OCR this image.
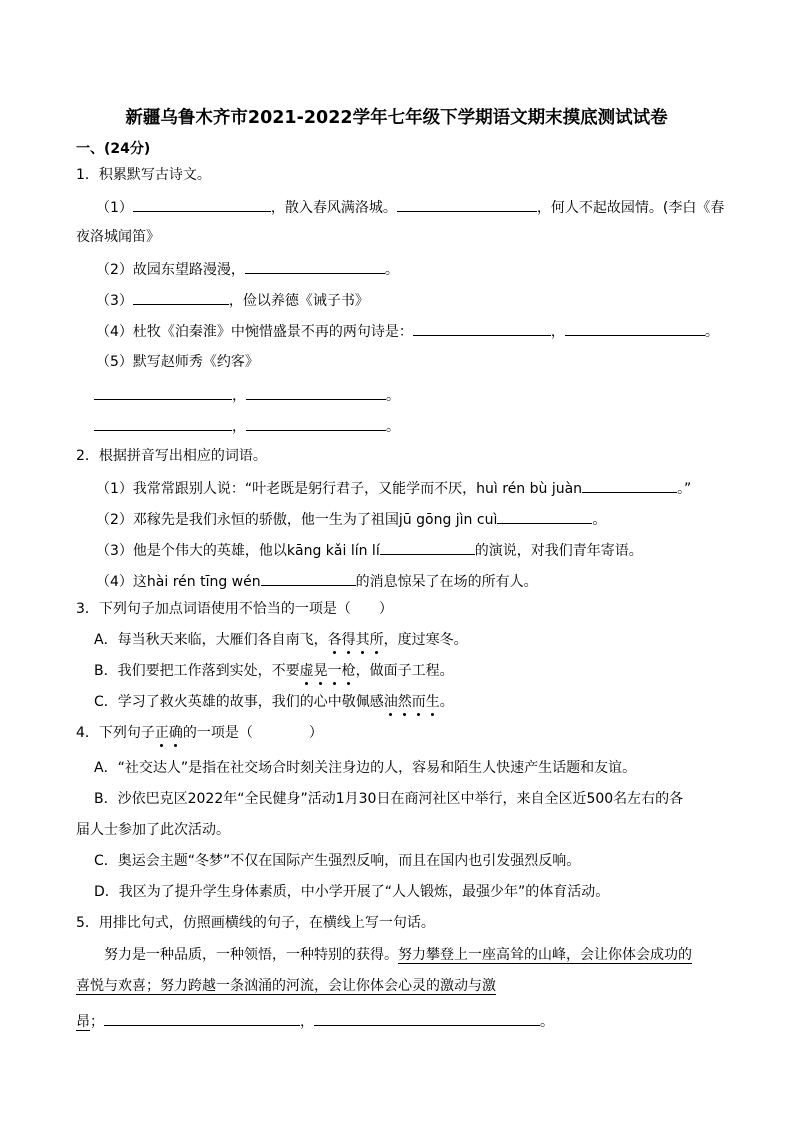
新疆乌鲁木齐市2021-2022学年七年级下学期语文期末摸底测试试卷
一、(24分)
1．积累默写古诗文。
（1）	，散入春风满洛城。	，何人不起故园情。(李白《春
夜洛城闻笛》
（2）故园东望路漫漫，	。
（3）	，俭以养德《诫子书》
（4）杜牧《泊秦淮》中惋惜盛景不再的两句诗是：	，	。
（5）默写赵师秀《约客》
，	。
，	。
2．根据拼音写出相应的词语。
（1）我常常跟别人说：“叶老既是躬行君子，又能学而不厌，huì rén bù juàn	。”
（2）邓稼先是我们永恒的骄傲，他一生为了祖国jū gōng jìn cuì	。
（3）他是个伟大的英雄，他以kāng kǎi lín lí	的演说，对我们青年寄语。
（4）这hài rén tīng wén	的消息惊呆了在场的所有人。
3．下列句子加点词语使用不恰当的一项是（　　）
A．每当秋天来临，大雁们各自南飞，各得其所，度过寒冬。
B．我们要把工作落到实处，不要虚晃一枪，做面子工程。
C．学习了救火英雄的故事，我们的心中敬佩感油然而生。
4．下列句子正确的一项是（　　　　）
A．“社交达人”是指在社交场合时刻关注身边的人，容易和陌生人快速产生话题和友谊。
B．沙依巴克区2022年“全民健身”活动1月30日在商河社区中举行，来自全区近500名左右的各
届人士参加了此次活动。
C．奥运会主题“冬梦”不仅在国际产生强烈反响，而且在国内也引发强烈反响。
D．我区为了提升学生身体素质，中小学开展了“人人锻炼，最强少年”的体育活动。
5．用排比句式，仿照画横线的句子，在横线上写一句话。
努力是一种品质，一种领悟，一种特别的获得。努力攀登上一座高耸的山峰，会让你体会成功的
喜悦与欢喜；努力跨越一条汹涌的河流，会让你体会心灵的激动与激
昂；	，	。
